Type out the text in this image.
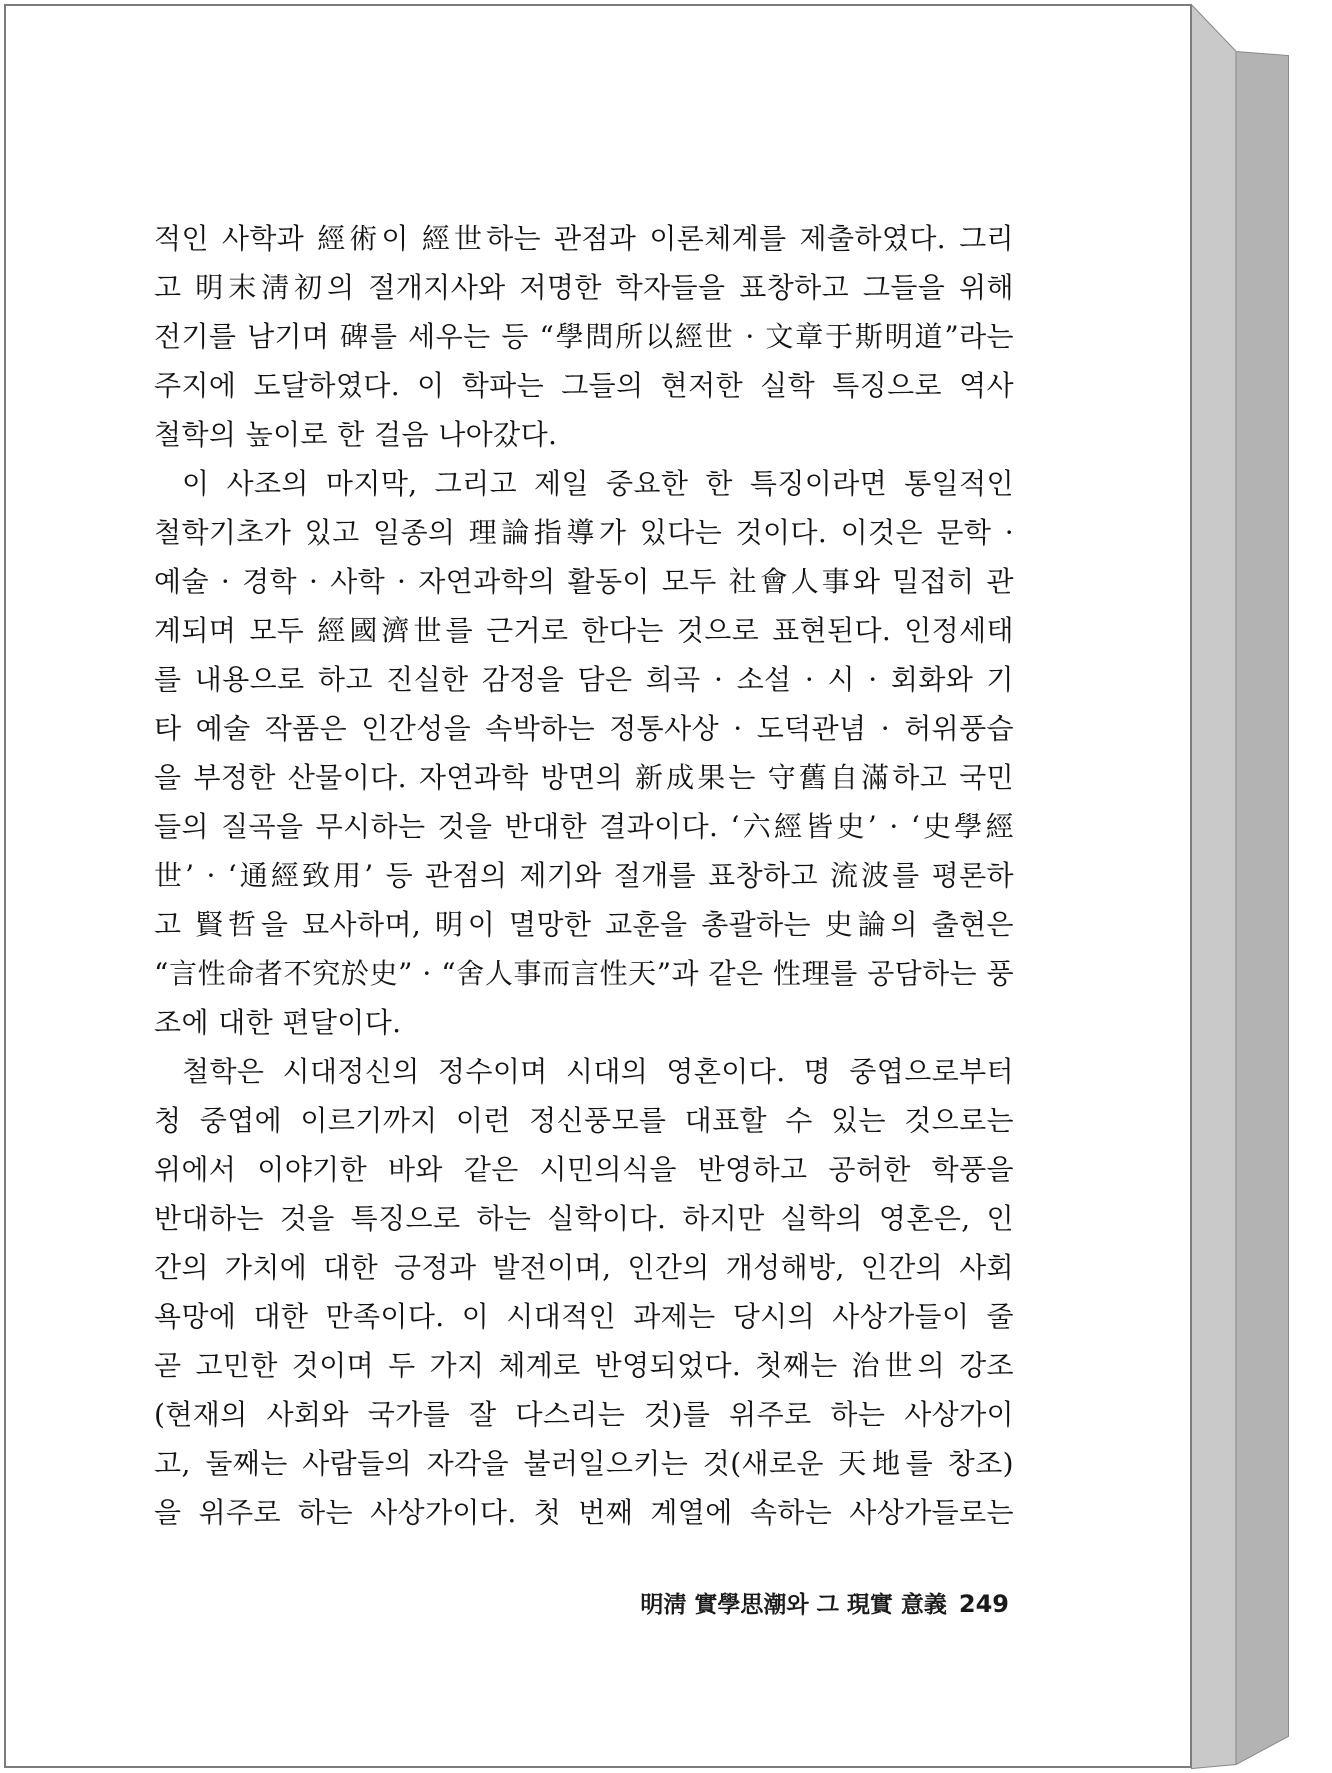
적인 사학과 經術이 經世하는 관점과 이론체계를 제출하였다. 그리
고 明末淸初의 절개지사와 저명한 학자들을 표창하고 그들을 위해
전기를 남기며 碑를 세우는 등 “學問所以經世 · 文章于斯明道”라는
주지에 도달하였다. 이 학파는 그들의 현저한 실학 특징으로 역사
철학의 높이로 한 걸음 나아갔다.
이 사조의 마지막, 그리고 제일 중요한 한 특징이라면 통일적인
철학기초가 있고 일종의 理論指導가 있다는 것이다. 이것은 문학 ·
예술 · 경학 · 사학 · 자연과학의 활동이 모두 社會人事와 밀접히 관
계되며 모두 經國濟世를 근거로 한다는 것으로 표현된다. 인정세태
를 내용으로 하고 진실한 감정을 담은 희곡 · 소설 · 시 · 회화와 기
타 예술 작품은 인간성을 속박하는 정통사상 · 도덕관념 · 허위풍습
을 부정한 산물이다. 자연과학 방면의 新成果는 守舊自滿하고 국민
들의 질곡을 무시하는 것을 반대한 결과이다. ‘六經皆史’ · ‘史學經
世’ · ‘通經致用’ 등 관점의 제기와 절개를 표창하고 流波를 평론하
고 賢哲을 묘사하며, 明이 멸망한 교훈을 총괄하는 史論의 출현은
“言性命者不究於史” · “舍人事而言性天”과 같은 性理를 공담하는 풍
조에 대한 편달이다.
철학은 시대정신의 정수이며 시대의 영혼이다. 명 중엽으로부터
청 중엽에 이르기까지 이런 정신풍모를 대표할 수 있는 것으로는
위에서 이야기한 바와 같은 시민의식을 반영하고 공허한 학풍을
반대하는 것을 특징으로 하는 실학이다. 하지만 실학의 영혼은, 인
간의 가치에 대한 긍정과 발전이며, 인간의 개성해방, 인간의 사회
욕망에 대한 만족이다. 이 시대적인 과제는 당시의 사상가들이 줄
곧 고민한 것이며 두 가지 체계로 반영되었다. 첫째는 治世의 강조
(현재의 사회와 국가를 잘 다스리는 것)를 위주로 하는 사상가이
고, 둘째는 사람들의 자각을 불러일으키는 것(새로운 天地를 창조)
을 위주로 하는 사상가이다. 첫 번째 계열에 속하는 사상가들로는
明淸 實學思潮와 그 現實 意義 249
